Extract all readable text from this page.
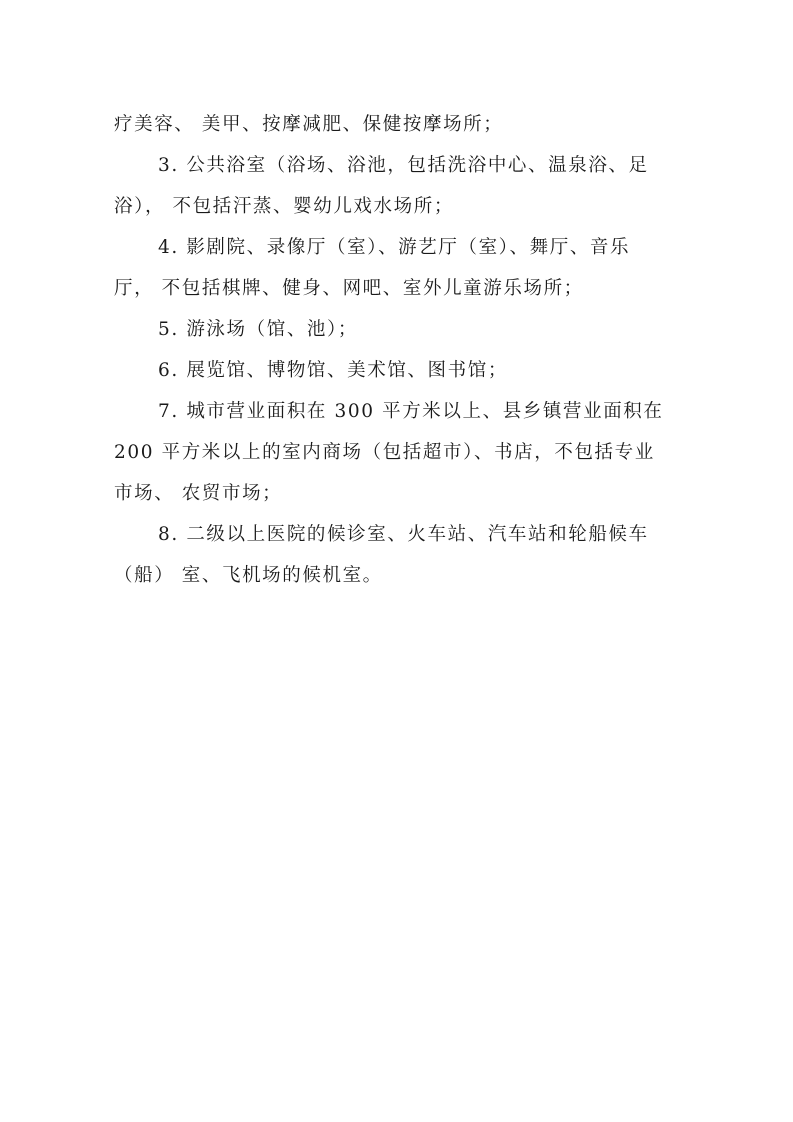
疗美容、 美甲、按摩减肥、保健按摩场所；
3. 公共浴室（浴场、浴池，包括洗浴中心、温泉浴、足
浴）， 不包括汗蒸、婴幼儿戏水场所；
4. 影剧院、录像厅（室）、游艺厅（室）、舞厅、音乐
厅， 不包括棋牌、健身、网吧、室外儿童游乐场所；
5. 游泳场（馆、池）；
6. 展览馆、博物馆、美术馆、图书馆；
7. 城市营业面积在 300 平方米以上、县乡镇营业面积在
200 平方米以上的室内商场（包括超市）、书店，不包括专业
市场、 农贸市场；
8. 二级以上医院的候诊室、火车站、汽车站和轮船候车
（船） 室、飞机场的候机室。
